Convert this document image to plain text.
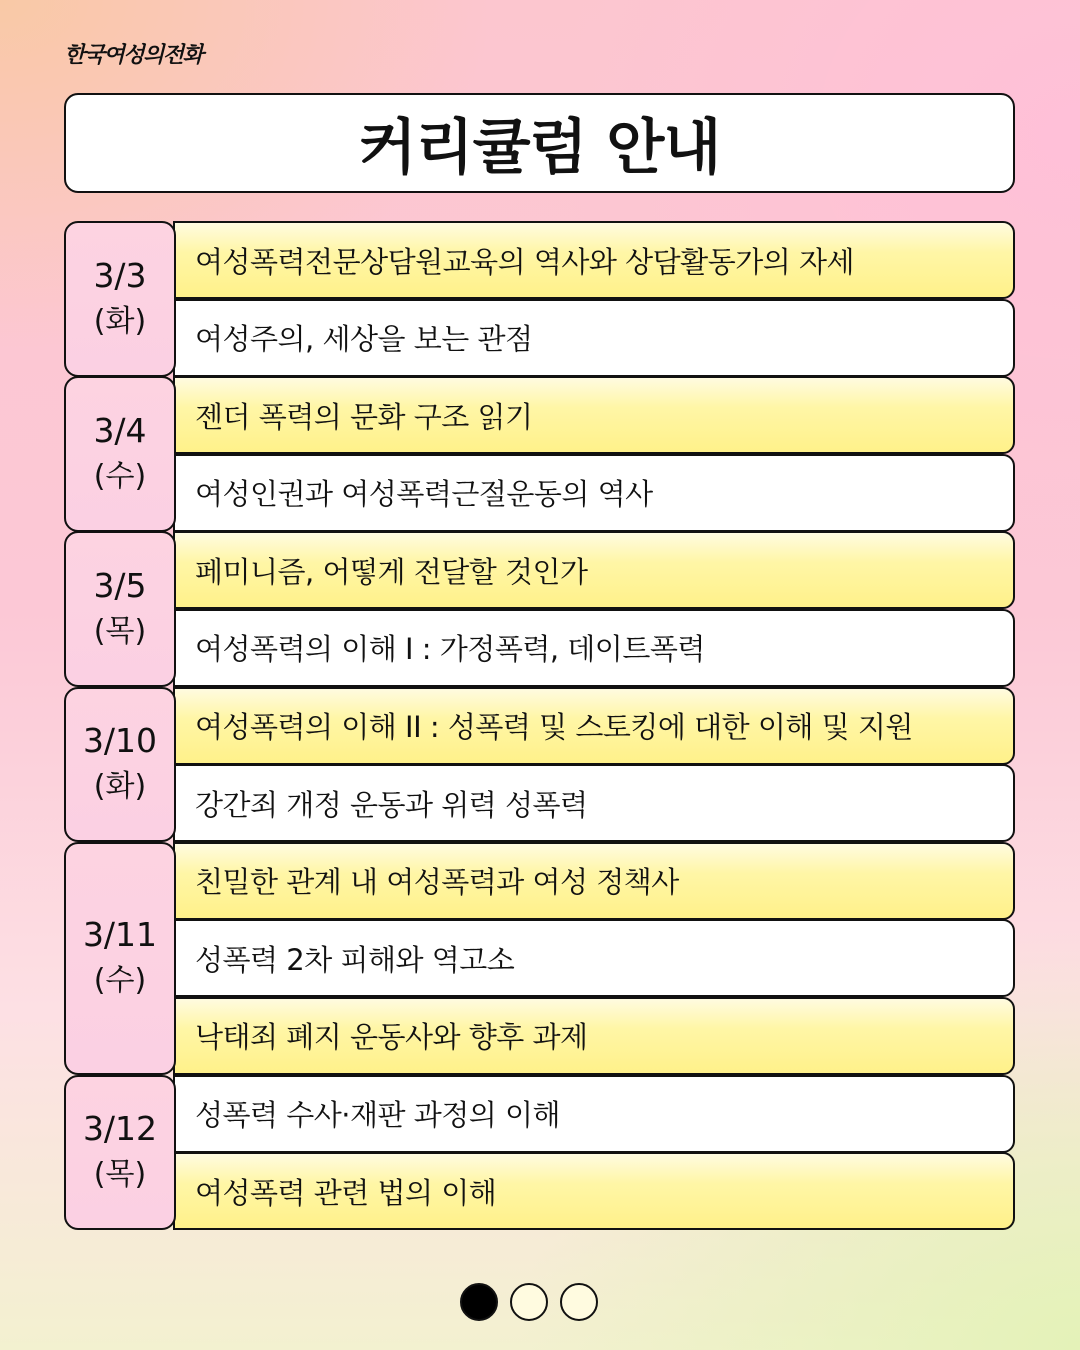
한국여성의전화
커리큘럼 안내
3/3
(화)
여성폭력전문상담원교육의 역사와 상담활동가의 자세
여성주의, 세상을 보는 관점
3/4
(수)
젠더 폭력의 문화 구조 읽기
여성인권과 여성폭력근절운동의 역사
3/5
(목)
페미니즘, 어떻게 전달할 것인가
여성폭력의 이해 I : 가정폭력, 데이트폭력
3/10
(화)
여성폭력의 이해 II : 성폭력 및 스토킹에 대한 이해 및 지원
강간죄 개정 운동과 위력 성폭력
3/11
(수)
친밀한 관계 내 여성폭력과 여성 정책사
성폭력 2차 피해와 역고소
낙태죄 폐지 운동사와 향후 과제
3/12
(목)
성폭력 수사·재판 과정의 이해
여성폭력 관련 법의 이해
